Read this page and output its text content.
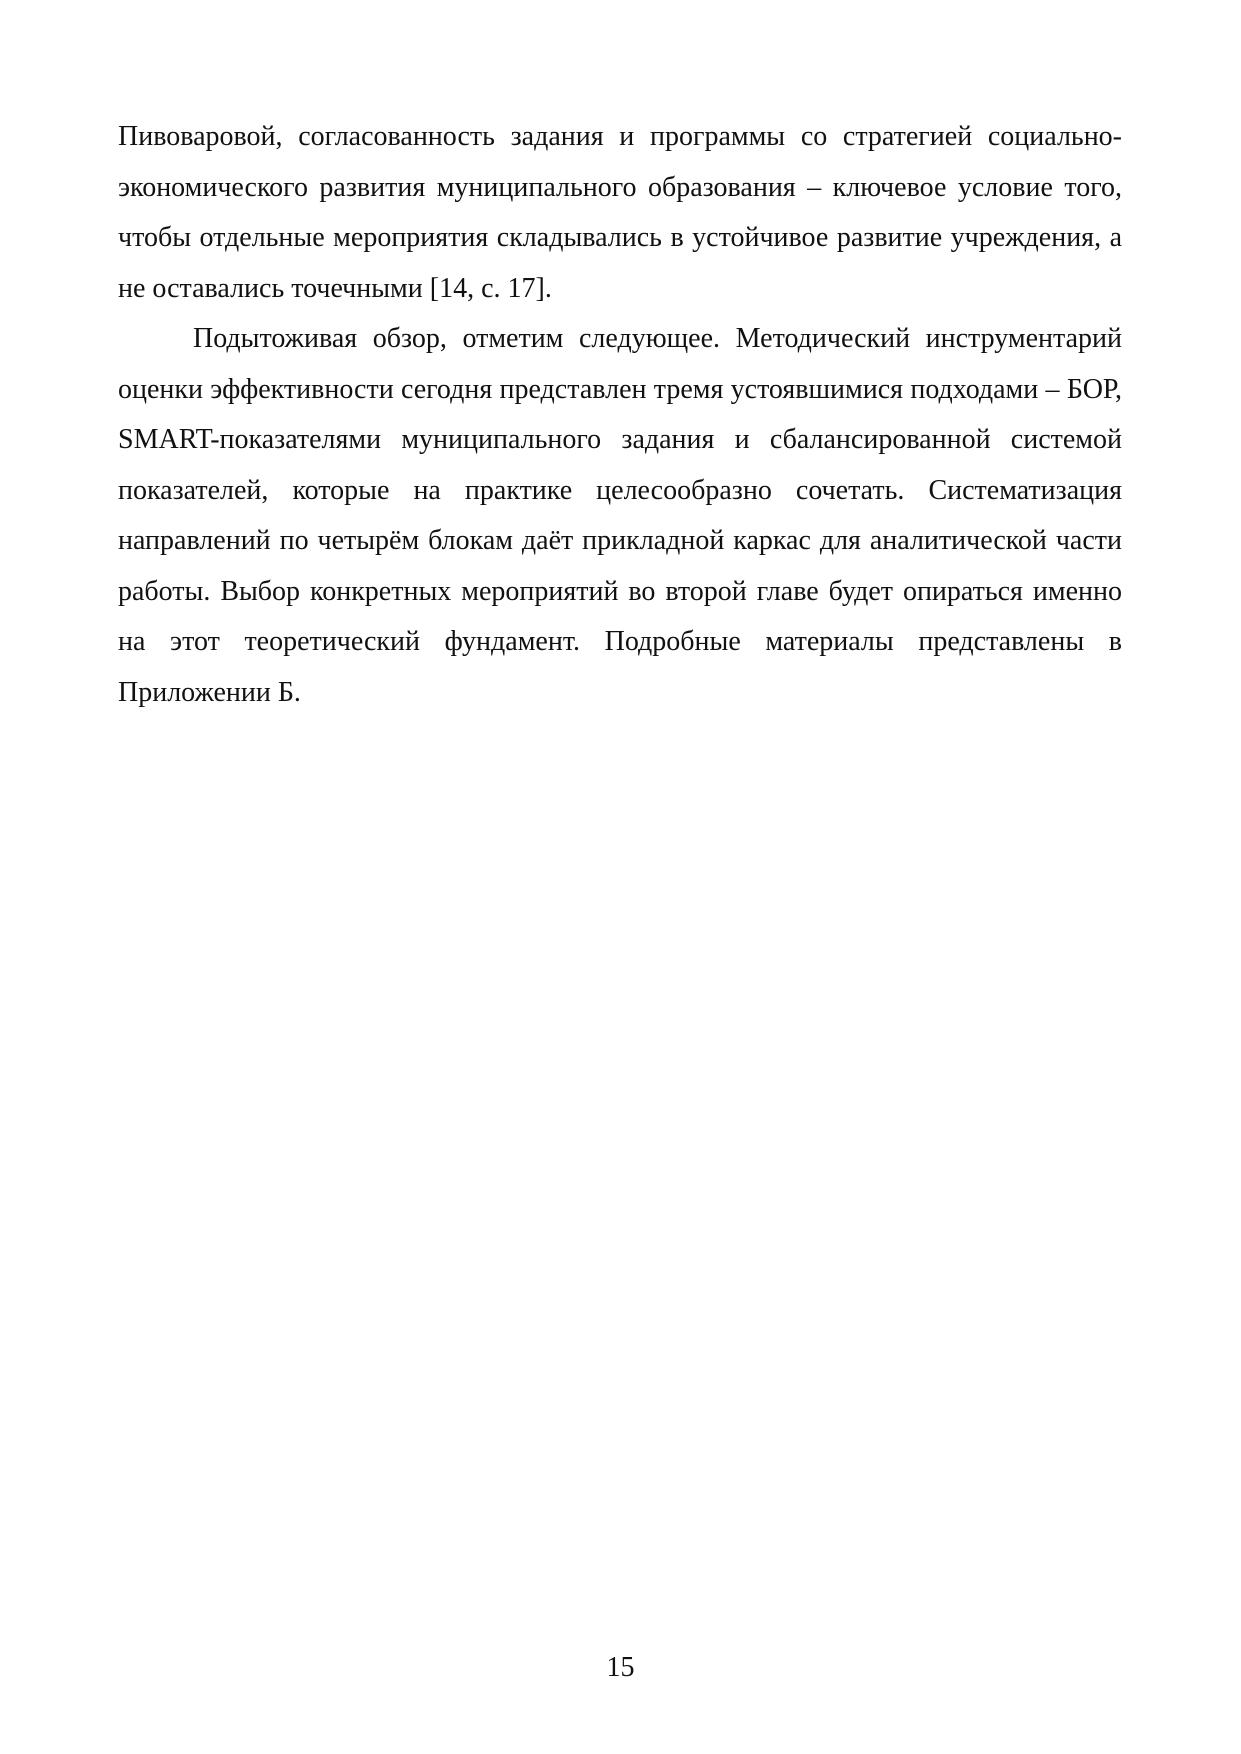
Пивоваровой, согласованность задания и программы со стратегией социально-экономического развития муниципального образования – ключевое условие того, чтобы отдельные мероприятия складывались в устойчивое развитие учреждения, а не оставались точечными [14, с. 17].

Подытоживая обзор, отметим следующее. Методический инструментарий оценки эффективности сегодня представлен тремя устоявшимися подходами – БОР, SMART-показателями муниципального задания и сбалансированной системой показателей, которые на практике целесообразно сочетать. Систематизация направлений по четырём блокам даёт прикладной каркас для аналитической части работы. Выбор конкретных мероприятий во второй главе будет опираться именно на этот теоретический фундамент. Подробные материалы представлены в Приложении Б.

15
